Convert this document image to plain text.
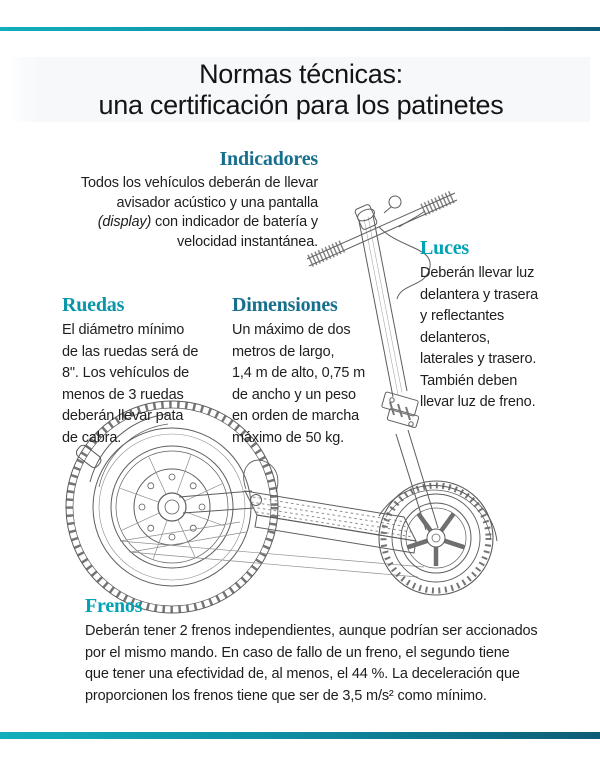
Normas técnicas:
una certificación para los patinetes
Indicadores

Todos los vehículos deberán de llevar
avisador acústico y una pantalla
(display) con indicador de batería y
velocidad instantánea.	Luces

Deberán llevar luz
delantera y trasera
y reflectantes
delanteros,
laterales y trasero.
También deben
llevar luz de freno.

Ruedas

El diámetro mínimo
de las ruedas será de
8". Los vehículos de
menos de 3 ruedas
deberán llevar pata
de cabra.

Dimensiones

Un máximo de dos
metros de largo,
1,4 m de alto, 0,75 m
de ancho y un peso
en orden de marcha
máximo de 50 kg.

Frenos

Deberán tener 2 frenos independientes, aunque podrían ser accionados
por el mismo mando. En caso de fallo de un freno, el segundo tiene
que tener una efectividad de, al menos, el 44 %. La deceleración que
proporcionen los frenos tiene que ser de 3,5 m/s² como mínimo.
